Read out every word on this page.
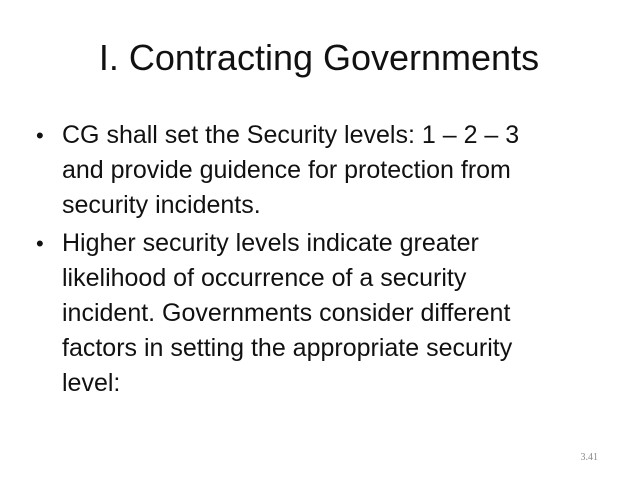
I. Contracting Governments
• CG shall set the Security levels: 1 – 2 – 3
and provide guidence for protection from
security incidents.
• Higher security levels indicate greater
likelihood of occurrence of a security
incident. Governments consider different
factors in setting the appropriate security
level:
3.41
